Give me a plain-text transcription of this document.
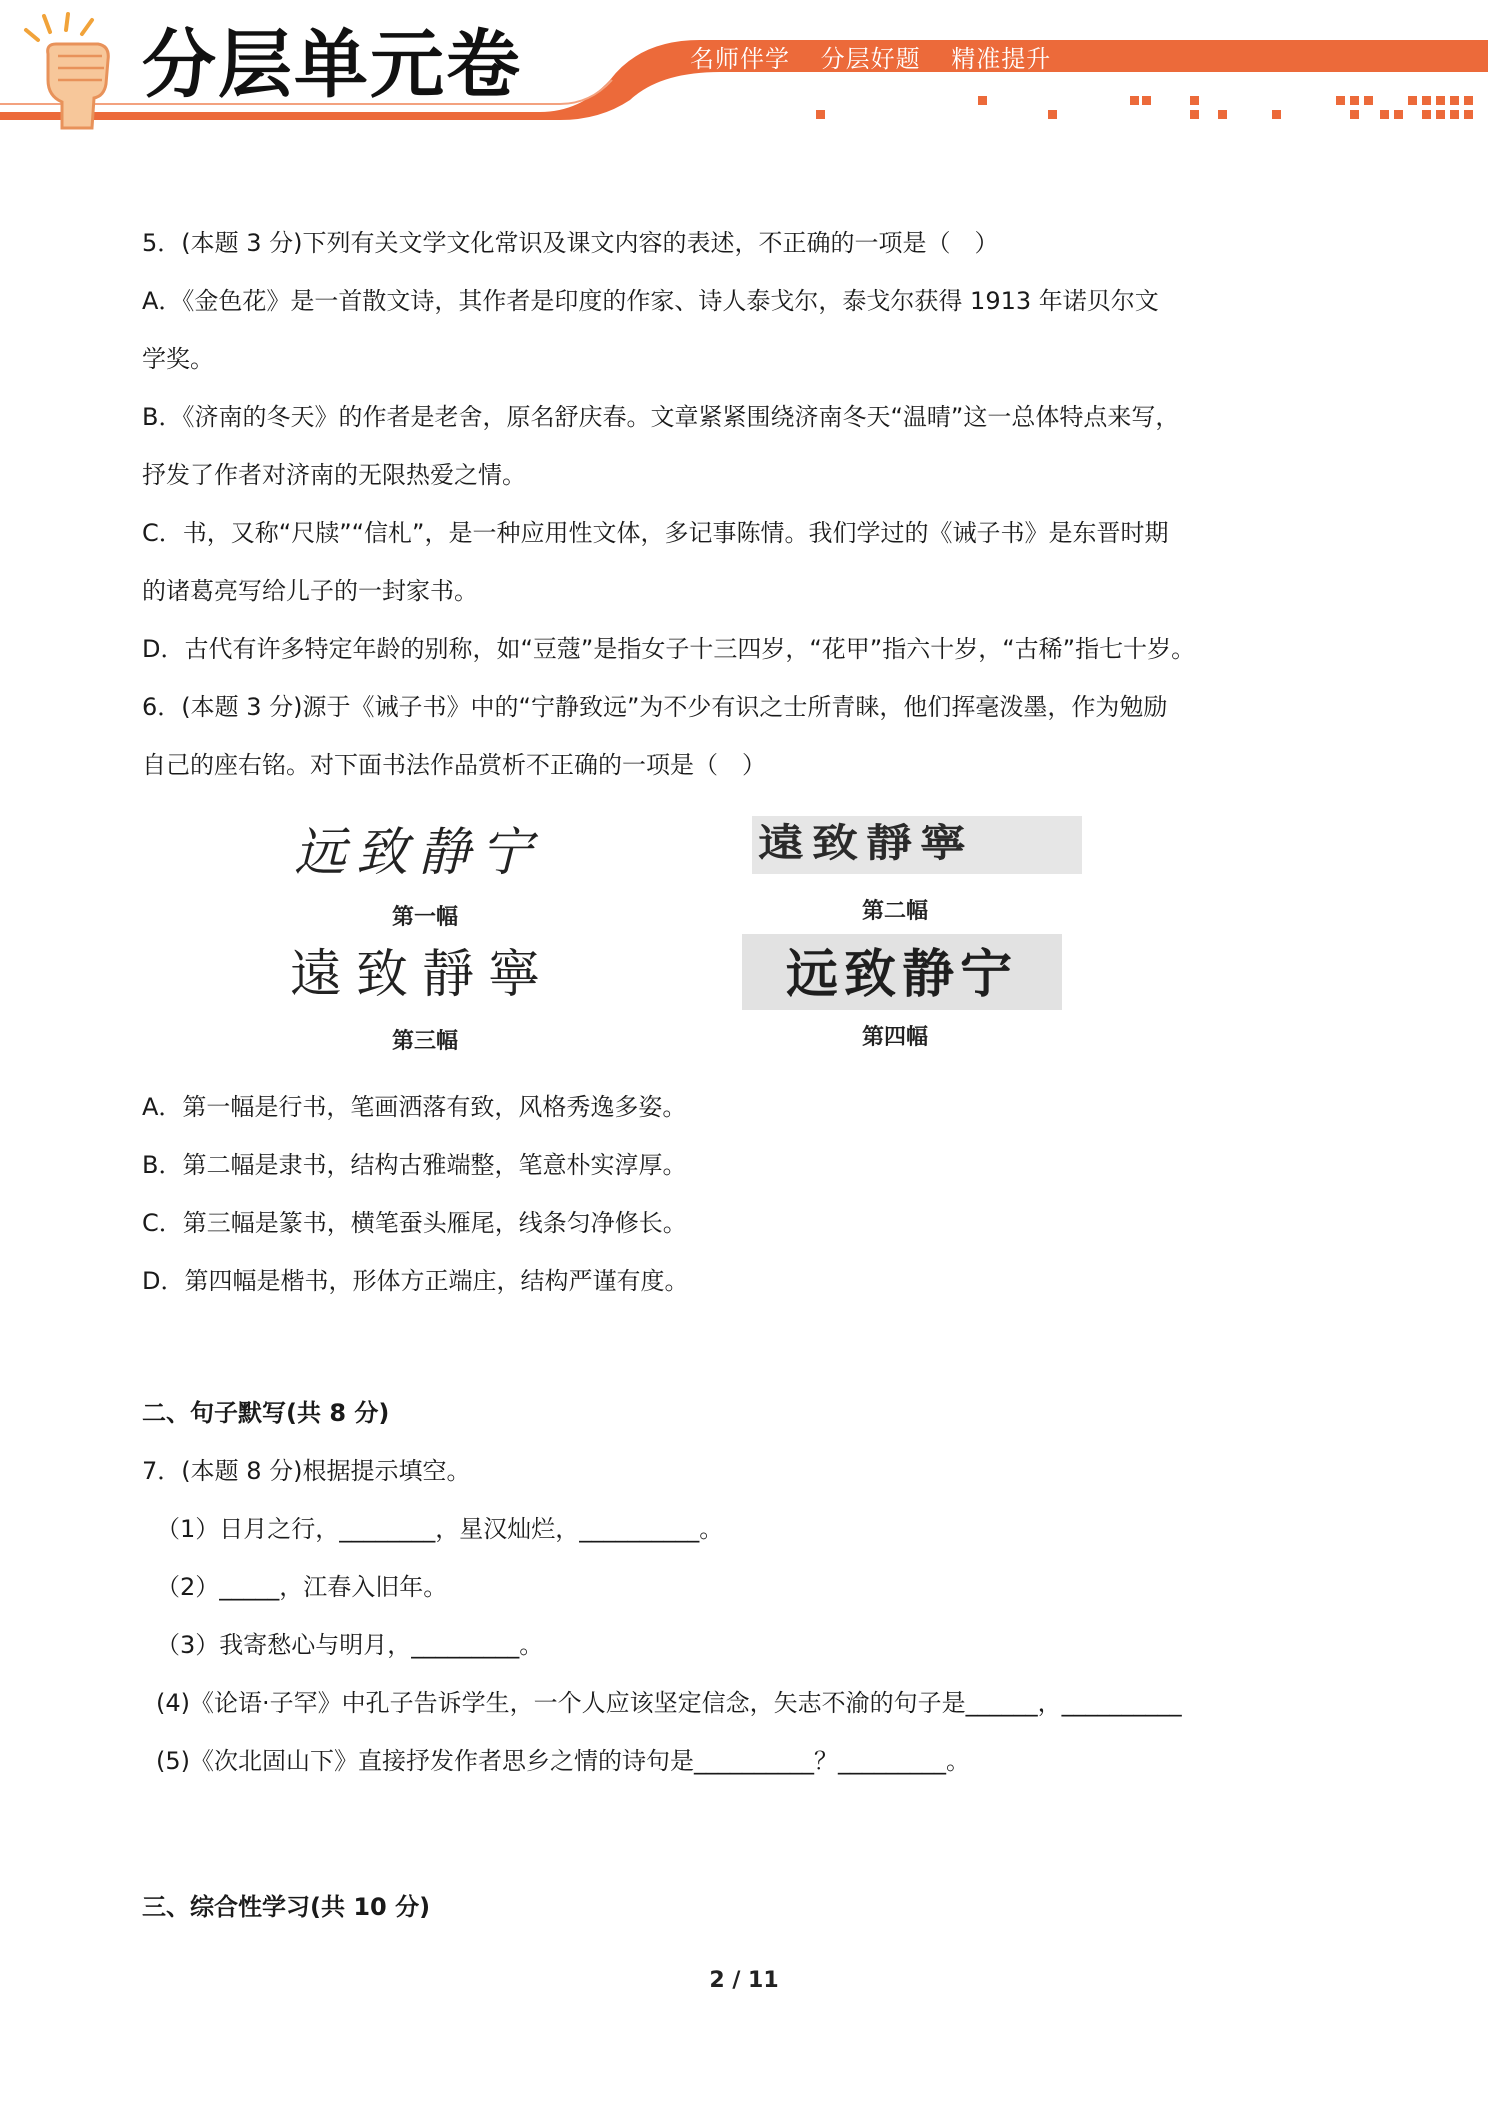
分层单元卷	名师伴学 分层好题 精准提升
5．(本题 3 分)下列有关文学文化常识及课文内容的表述，不正确的一项是（　）
A．《金色花》是一首散文诗，其作者是印度的作家、诗人泰戈尔，泰戈尔获得 1913 年诺贝尔文
学奖。
B．《济南的冬天》的作者是老舍，原名舒庆春。文章紧紧围绕济南冬天“温晴”这一总体特点来写，
抒发了作者对济南的无限热爱之情。
C．书，又称“尺牍”“信札”，是一种应用性文体，多记事陈情。我们学过的《诫子书》是东晋时期
的诸葛亮写给儿子的一封家书。
D．古代有许多特定年龄的别称，如“豆蔻”是指女子十三四岁，“花甲”指六十岁，“古稀”指七十岁。
6．(本题 3 分)源于《诫子书》中的“宁静致远”为不少有识之士所青睐，他们挥毫泼墨，作为勉励
自己的座右铭。对下面书法作品赏析不正确的一项是（　）
远致静宁
第一幅
遠致靜寧
第二幅
遠致靜寧
第三幅
远致静宁
第四幅
A．第一幅是行书，笔画洒落有致，风格秀逸多姿。
B．第二幅是隶书，结构古雅端整，笔意朴实淳厚。
C．第三幅是篆书，横笔蚕头雁尾，线条匀净修长。
D．第四幅是楷书，形体方正端庄，结构严谨有度。
二、句子默写(共 8 分)
7．(本题 8 分)根据提示填空。
（1）日月之行，________，星汉灿烂，__________。
（2）_____，江春入旧年。
（3）我寄愁心与明月，_________。
(4)《论语·子罕》中孔子告诉学生，一个人应该坚定信念，矢志不渝的句子是______，__________
(5)《次北固山下》直接抒发作者思乡之情的诗句是__________？_________。
三、综合性学习(共 10 分)
2 / 11
